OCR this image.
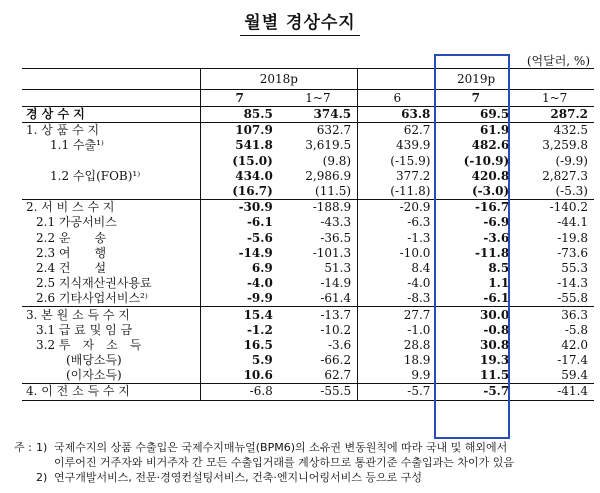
월별 경상수지
(억달러, %)
	2018p		2019p		
	7	1~7	6	7	1~7
경 상 수 지	85.5	374.5	63.8	69.5	287.2
1. 상 품 수 지	107.9	632.7	62.7	61.9	432.5
1.1 수출¹⁾	541.8	3,619.5	439.9	482.6	3,259.8
	(15.0)	(9.8)	(-15.9)	(-10.9)	(-9.9)
1.2 수입(FOB)¹⁾	434.0	2,986.9	377.2	420.8	2,827.3
	(16.7)	(11.5)	(-11.8)	(-3.0)	(-5.3)
2. 서 비 스 수 지	-30.9	-188.9	-20.9	-16.7	-140.2
2.1 가공서비스	-6.1	-43.3	-6.3	-6.9	-44.1
2.2 운　　송	-5.6	-36.5	-1.3	-3.6	-19.8
2.3 여　　행	-14.9	-101.3	-10.0	-11.8	-73.6
2.4 건　　설	6.9	51.3	8.4	8.5	55.3
2.5 지식재산권사용료	-4.0	-14.9	-4.0	1.1	-14.3
2.6 기타사업서비스²⁾	-9.9	-61.4	-8.3	-6.1	-55.8
3. 본 원 소 득 수 지	15.4	-13.7	27.7	30.0	36.3
3.1 급 료 및 임 금	-1.2	-10.2	-1.0	-0.8	-5.8
3.2 투　자　소　득	16.5	-3.6	28.8	30.8	42.0
(배당소득)	5.9	-66.2	18.9	19.3	-17.4
(이자소득)	10.6	62.7	9.9	11.5	59.4
4. 이 전 소 득 수 지	-6.8	-55.5	-5.7	-5.7	-41.4
주 : 1) 국제수지의 상품 수출입은 국제수지매뉴얼(BPM6)의 소유권 변동원칙에 따라 국내 및 해외에서
이루어진 거주자와 비거주자 간 모든 수출입거래를 계상하므로 통관기준 수출입과는 차이가 있음
2) 연구개발서비스, 전문·경영컨설팅서비스, 건축·엔지니어링서비스 등으로 구성
